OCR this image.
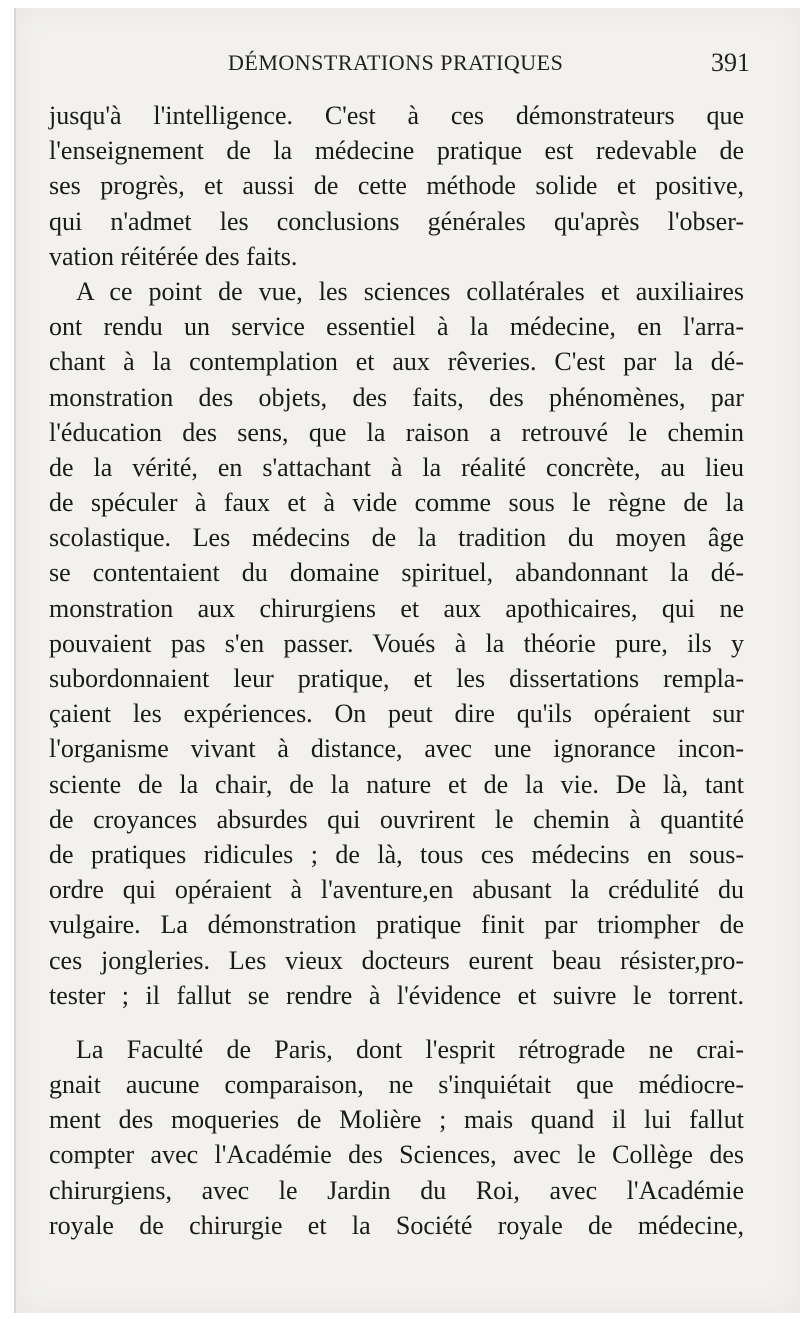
DÉMONSTRATIONS PRATIQUES	391
jusqu'à l'intelligence. C'est à ces démonstrateurs que
l'enseignement de la médecine pratique est redevable de
ses progrès, et aussi de cette méthode solide et positive,
qui n'admet les conclusions générales qu'après l'obser-
vation réitérée des faits.
A ce point de vue, les sciences collatérales et auxiliaires
ont rendu un service essentiel à la médecine, en l'arra-
chant à la contemplation et aux rêveries. C'est par la dé-
monstration des objets, des faits, des phénomènes, par
l'éducation des sens, que la raison a retrouvé le chemin
de la vérité, en s'attachant à la réalité concrète, au lieu
de spéculer à faux et à vide comme sous le règne de la
scolastique. Les médecins de la tradition du moyen âge
se contentaient du domaine spirituel, abandonnant la dé-
monstration aux chirurgiens et aux apothicaires, qui ne
pouvaient pas s'en passer. Voués à la théorie pure, ils y
subordonnaient leur pratique, et les dissertations rempla-
çaient les expériences. On peut dire qu'ils opéraient sur
l'organisme vivant à distance, avec une ignorance incon-
sciente de la chair, de la nature et de la vie. De là, tant
de croyances absurdes qui ouvrirent le chemin à quantité
de pratiques ridicules ; de là, tous ces médecins en sous-
ordre qui opéraient à l'aventure,en abusant la crédulité du
vulgaire. La démonstration pratique finit par triompher de
ces jongleries. Les vieux docteurs eurent beau résister,pro-
tester ; il fallut se rendre à l'évidence et suivre le torrent.
La Faculté de Paris, dont l'esprit rétrograde ne crai-
gnait aucune comparaison, ne s'inquiétait que médiocre-
ment des moqueries de Molière ; mais quand il lui fallut
compter avec l'Académie des Sciences, avec le Collège des
chirurgiens, avec le Jardin du Roi, avec l'Académie
royale de chirurgie et la Société royale de médecine,
